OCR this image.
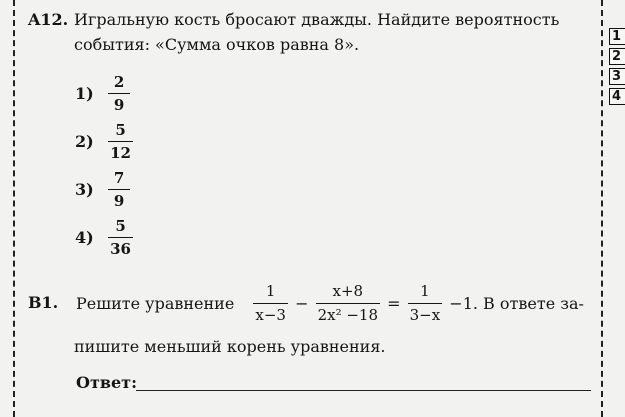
1
2
3
4
A12. Игральную кость бросают дважды. Найдите вероятность
события: «Сумма очков равна 8».
$1) \frac{2}{9}$
$2) \frac{5}{12}$
$3) \frac{7}{9}$
$4) \frac{5}{36}$
B1. Решите уравнение $\frac{1}{x-3} - \frac{x+8}{\text{2x² −18}} = \frac{1}{3-x} -1$. В ответе за-
пишите меньший корень уравнения.
Ответ:
